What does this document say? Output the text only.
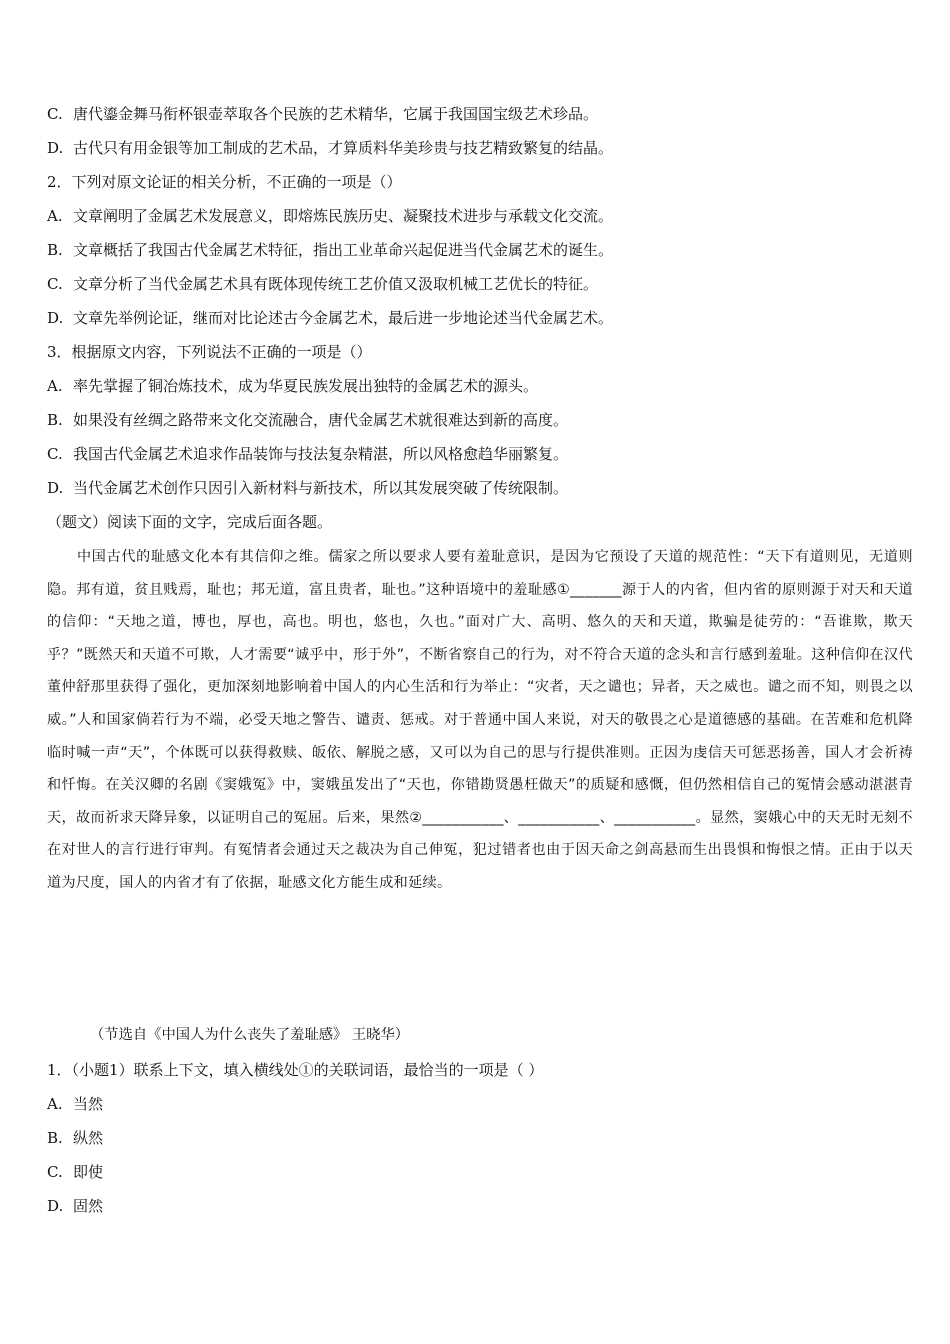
C. 唐代鎏金舞马衔杯银壶萃取各个民族的艺术精华，它属于我国国宝级艺术珍品。
D. 古代只有用金银等加工制成的艺术品，才算质料华美珍贵与技艺精致繁复的结晶。
2．下列对原文论证的相关分析，不正确的一项是（）
A. 文章阐明了金属艺术发展意义，即熔炼民族历史、凝聚技术进步与承载文化交流。
B. 文章概括了我国古代金属艺术特征，指出工业革命兴起促进当代金属艺术的诞生。
C. 文章分析了当代金属艺术具有既体现传统工艺价值又汲取机械工艺优长的特征。
D. 文章先举例论证，继而对比论述古今金属艺术，最后进一步地论述当代金属艺术。
3．根据原文内容，下列说法不正确的一项是（）
A. 率先掌握了铜冶炼技术，成为华夏民族发展出独特的金属艺术的源头。
B. 如果没有丝绸之路带来文化交流融合，唐代金属艺术就很难达到新的高度。
C. 我国古代金属艺术追求作品装饰与技法复杂精湛，所以风格愈趋华丽繁复。
D. 当代金属艺术创作只因引入新材料与新技术，所以其发展突破了传统限制。
（题文）阅读下面的文字，完成后面各题。

中国古代的耻感文化本有其信仰之维。儒家之所以要求人要有羞耻意识，是因为它预设了天道的规范性：“天下有道则见，无道则隐。邦有道，贫且贱焉，耻也；邦无道，富且贵者，耻也。”这种语境中的羞耻感①_______源于人的内省，但内省的原则源于对天和天道的信仰：“天地之道，博也，厚也，高也。明也，悠也，久也。”面对广大、高明、悠久的天和天道，欺骗是徒劳的：“吾谁欺，欺天乎？”既然天和天道不可欺，人才需要“诚乎中，形于外”，不断省察自己的行为，对不符合天道的念头和言行感到羞耻。这种信仰在汉代董仲舒那里获得了强化，更加深刻地影响着中国人的内心生活和行为举止：“灾者，天之谴也；异者，天之威也。谴之而不知，则畏之以威。”人和国家倘若行为不端，必受天地之警告、谴责、惩戒。对于普通中国人来说，对天的敬畏之心是道德感的基础。在苦难和危机降临时喊一声“天”，个体既可以获得救赎、皈依、解脱之感，又可以为自己的思与行提供准则。正因为虔信天可惩恶扬善，国人才会祈祷和忏悔。在关汉卿的名剧《窦娥冤》中，窦娥虽发出了“天也，你错勘贤愚枉做天”的质疑和感慨，但仍然相信自己的冤情会感动湛湛青天，故而祈求天降异象，以证明自己的冤屈。后来，果然②___________、___________、___________。显然，窦娥心中的天无时无刻不在对世人的言行进行审判。有冤情者会通过天之裁决为自己伸冤，犯过错者也由于因天命之剑高悬而生出畏惧和悔恨之情。正由于以天道为尺度，国人的内省才有了依据，耻感文化方能生成和延续。

（节选自《中国人为什么丧失了羞耻感》 王晓华）
1．（小题1）联系上下文，填入横线处①的关联词语，最恰当的一项是（ ）
A. 当然
B. 纵然
C. 即使
D. 固然
